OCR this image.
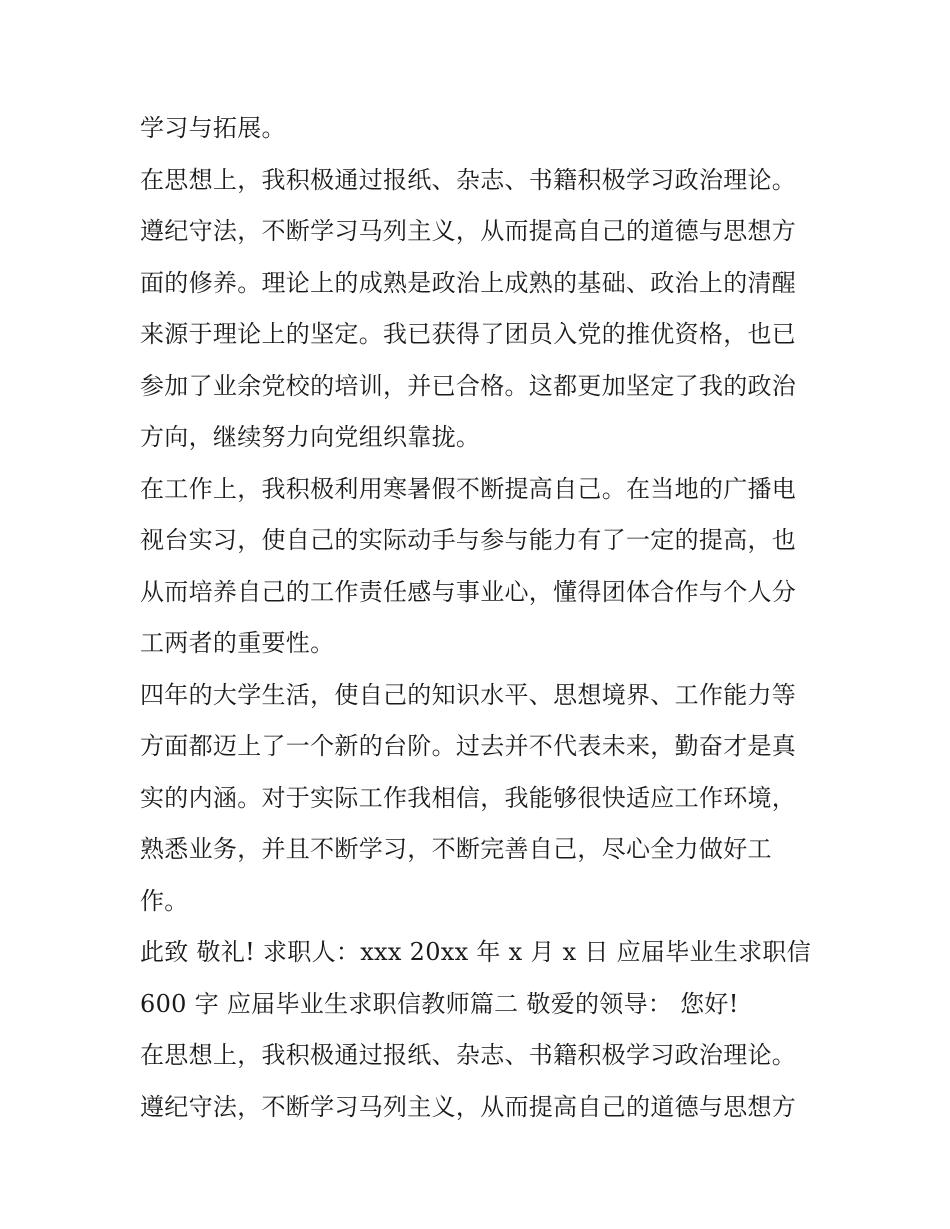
学习与拓展。
在思想上，我积极通过报纸、杂志、书籍积极学习政治理论。
遵纪守法，不断学习马列主义，从而提高自己的道德与思想方
面的修养。理论上的成熟是政治上成熟的基础、政治上的清醒
来源于理论上的坚定。我已获得了团员入党的推优资格，也已
参加了业余党校的培训，并已合格。这都更加坚定了我的政治
方向，继续努力向党组织靠拢。
在工作上，我积极利用寒暑假不断提高自己。在当地的广播电
视台实习，使自己的实际动手与参与能力有了一定的提高，也
从而培养自己的工作责任感与事业心，懂得团体合作与个人分
工两者的重要性。
四年的大学生活，使自己的知识水平、思想境界、工作能力等
方面都迈上了一个新的台阶。过去并不代表未来，勤奋才是真
实的内涵。对于实际工作我相信，我能够很快适应工作环境，
熟悉业务，并且不断学习，不断完善自己，尽心全力做好工
作。
此致 敬礼! 求职人：xxx 20xx 年 x 月 x 日 应届毕业生求职信
600 字 应届毕业生求职信教师篇二 敬爱的领导： 您好!
在思想上，我积极通过报纸、杂志、书籍积极学习政治理论。
遵纪守法，不断学习马列主义，从而提高自己的道德与思想方
